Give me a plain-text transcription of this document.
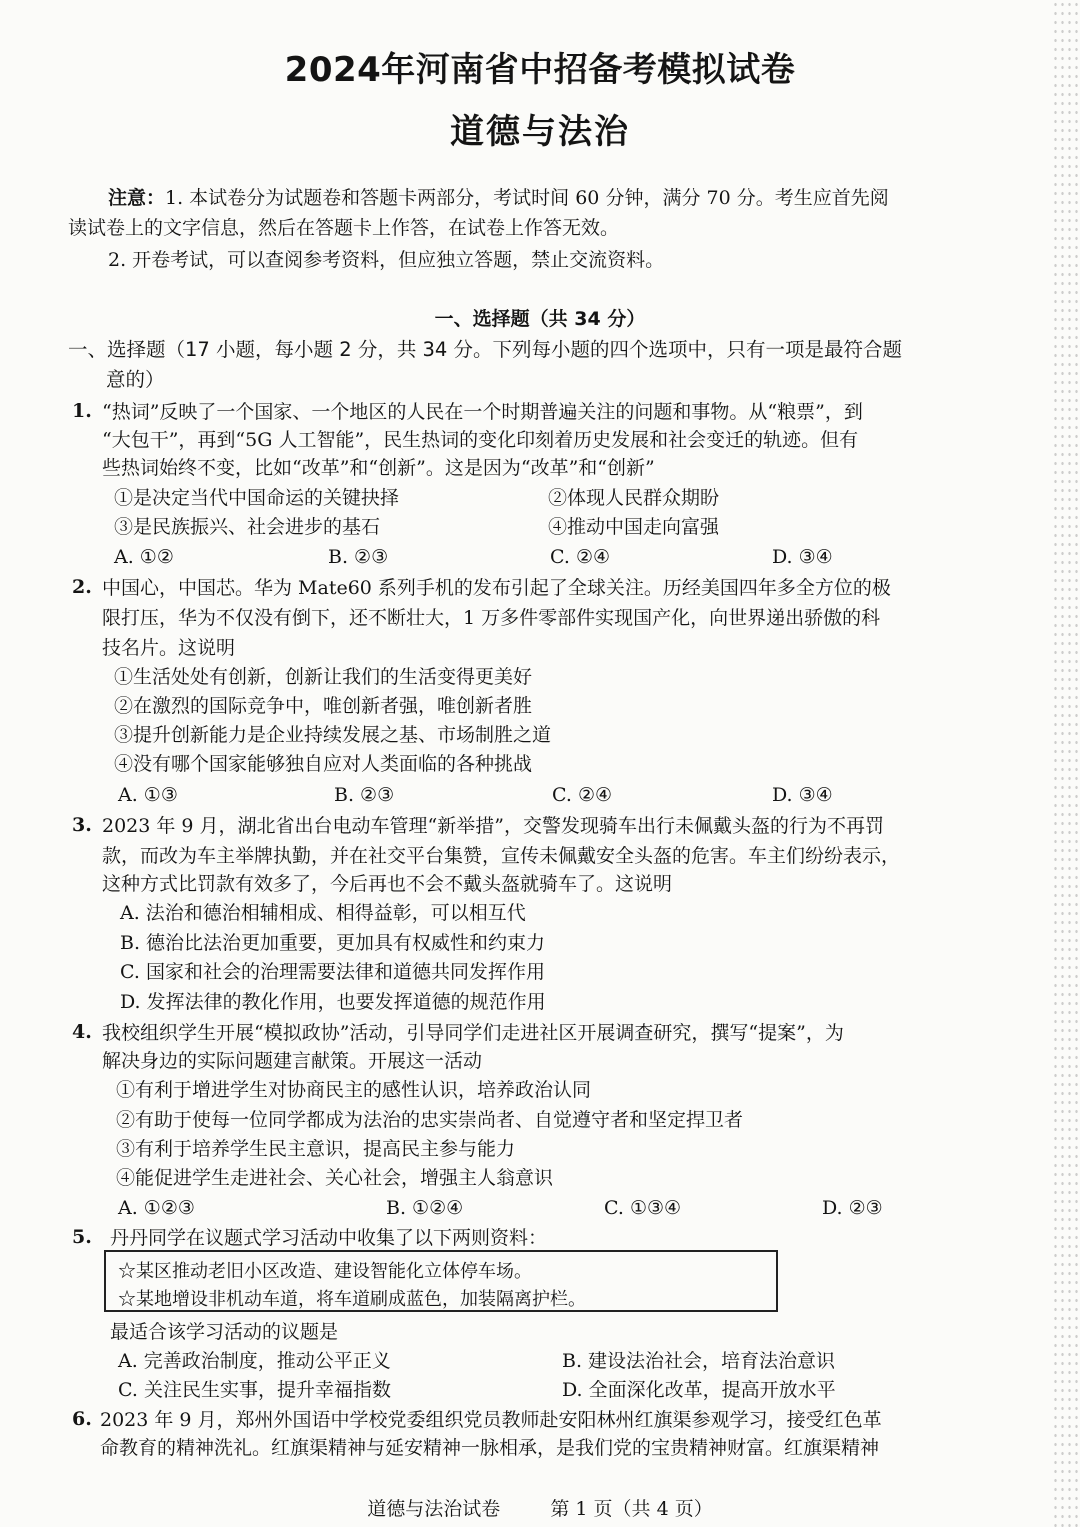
2024年河南省中招备考模拟试卷
道德与法治
注意：1. 本试卷分为试题卷和答题卡两部分，考试时间 60 分钟，满分 70 分。考生应首先阅
读试卷上的文字信息，然后在答题卡上作答，在试卷上作答无效。
2. 开卷考试，可以查阅参考资料，但应独立答题，禁止交流资料。
一、选择题（共 34 分）
一、选择题（17 小题，每小题 2 分，共 34 分。下列每小题的四个选项中，只有一项是最符合题
意的）
1. “热词”反映了一个国家、一个地区的人民在一个时期普遍关注的问题和事物。从“粮票”，到
“大包干”，再到“5G 人工智能”，民生热词的变化印刻着历史发展和社会变迁的轨迹。但有
些热词始终不变，比如“改革”和“创新”。这是因为“改革”和“创新”
①是决定当代中国命运的关键抉择	②体现人民群众期盼
③是民族振兴、社会进步的基石	④推动中国走向富强
A. ①②	B. ②③	C. ②④	D. ③④
2. 中国心，中国芯。华为 Mate60 系列手机的发布引起了全球关注。历经美国四年多全方位的极
限打压，华为不仅没有倒下，还不断壮大，1 万多件零部件实现国产化，向世界递出骄傲的科
技名片。这说明
①生活处处有创新，创新让我们的生活变得更美好
②在激烈的国际竞争中，唯创新者强，唯创新者胜
③提升创新能力是企业持续发展之基、市场制胜之道
④没有哪个国家能够独自应对人类面临的各种挑战
A. ①③	B. ②③	C. ②④	D. ③④
3. 2023 年 9 月，湖北省出台电动车管理“新举措”，交警发现骑车出行未佩戴头盔的行为不再罚
款，而改为车主举牌执勤，并在社交平台集赞，宣传未佩戴安全头盔的危害。车主们纷纷表示，
这种方式比罚款有效多了，今后再也不会不戴头盔就骑车了。这说明
A. 法治和德治相辅相成、相得益彰，可以相互代
B. 德治比法治更加重要，更加具有权威性和约束力
C. 国家和社会的治理需要法律和道德共同发挥作用
D. 发挥法律的教化作用，也要发挥道德的规范作用
4. 我校组织学生开展“模拟政协”活动，引导同学们走进社区开展调查研究，撰写“提案”，为
解决身边的实际问题建言献策。开展这一活动
①有利于增进学生对协商民主的感性认识，培养政治认同
②有助于使每一位同学都成为法治的忠实崇尚者、自觉遵守者和坚定捍卫者
③有利于培养学生民主意识，提高民主参与能力
④能促进学生走进社会、关心社会，增强主人翁意识
A. ①②③	B. ①②④	C. ①③④	D. ②③
5. 丹丹同学在议题式学习活动中收集了以下两则资料：
☆某区推动老旧小区改造、建设智能化立体停车场。
☆某地增设非机动车道，将车道刷成蓝色，加装隔离护栏。
最适合该学习活动的议题是
A. 完善政治制度，推动公平正义	B. 建设法治社会，培育法治意识
C. 关注民生实事，提升幸福指数	D. 全面深化改革，提高开放水平
6. 2023 年 9 月，郑州外国语中学校党委组织党员教师赴安阳林州红旗渠参观学习，接受红色革
命教育的精神洗礼。红旗渠精神与延安精神一脉相承，是我们党的宝贵精神财富。红旗渠精神
道德与法治试卷	第 1 页（共 4 页）
